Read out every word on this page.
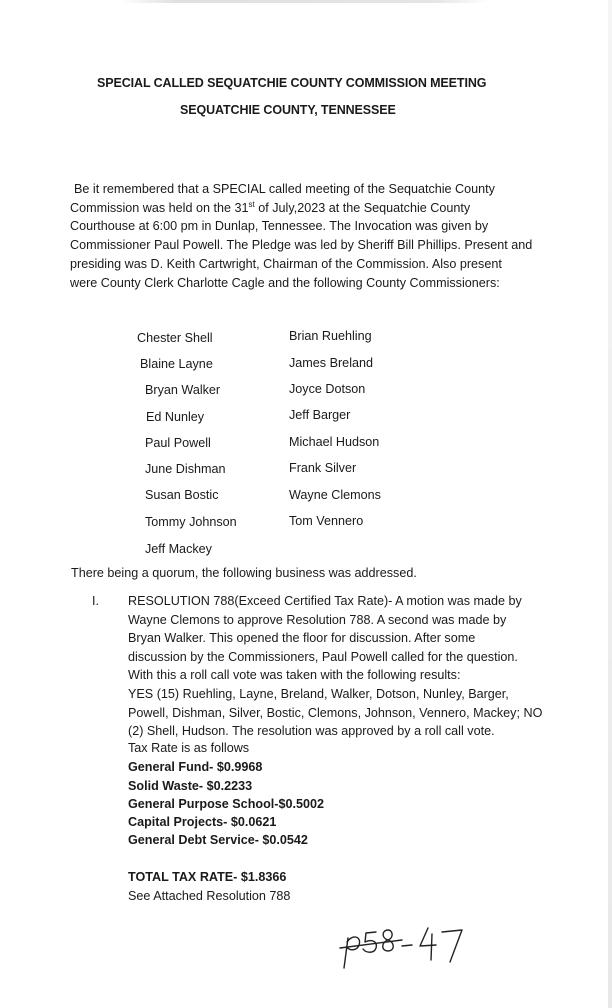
SPECIAL CALLED SEQUATCHIE COUNTY COMMISSION MEETING
SEQUATCHIE COUNTY, TENNESSEE
Be it remembered that a SPECIAL called meeting of the Sequatchie County
Commission was held on the 31st of July,2023 at the Sequatchie County
Courthouse at 6:00 pm in Dunlap, Tennessee. The Invocation was given by
Commissioner Paul Powell. The Pledge was led by Sheriff Bill Phillips. Present and
presiding was D. Keith Cartwright, Chairman of the Commission. Also present
were County Clerk Charlotte Cagle and the following County Commissioners:
Chester Shell
Blaine Layne
Bryan Walker
Ed Nunley
Paul Powell
June Dishman
Susan Bostic
Tommy Johnson
Jeff Mackey
Brian Ruehling
James Breland
Joyce Dotson
Jeff Barger
Michael Hudson
Frank Silver
Wayne Clemons
Tom Vennero
There being a quorum, the following business was addressed.
I. RESOLUTION 788(Exceed Certified Tax Rate)- A motion was made by
Wayne Clemons to approve Resolution 788. A second was made by
Bryan Walker. This opened the floor for discussion. After some
discussion by the Commissioners, Paul Powell called for the question.
With this a roll call vote was taken with the following results:
YES (15) Ruehling, Layne, Breland, Walker, Dotson, Nunley, Barger,
Powell, Dishman, Silver, Bostic, Clemons, Johnson, Vennero, Mackey; NO
(2) Shell, Hudson. The resolution was approved by a roll call vote.
Tax Rate is as follows
General Fund- $0.9968
Solid Waste- $0.2233
General Purpose School-$0.5002
Capital Projects- $0.0621
General Debt Service- $0.0542
TOTAL TAX RATE- $1.8366
See Attached Resolution 788
